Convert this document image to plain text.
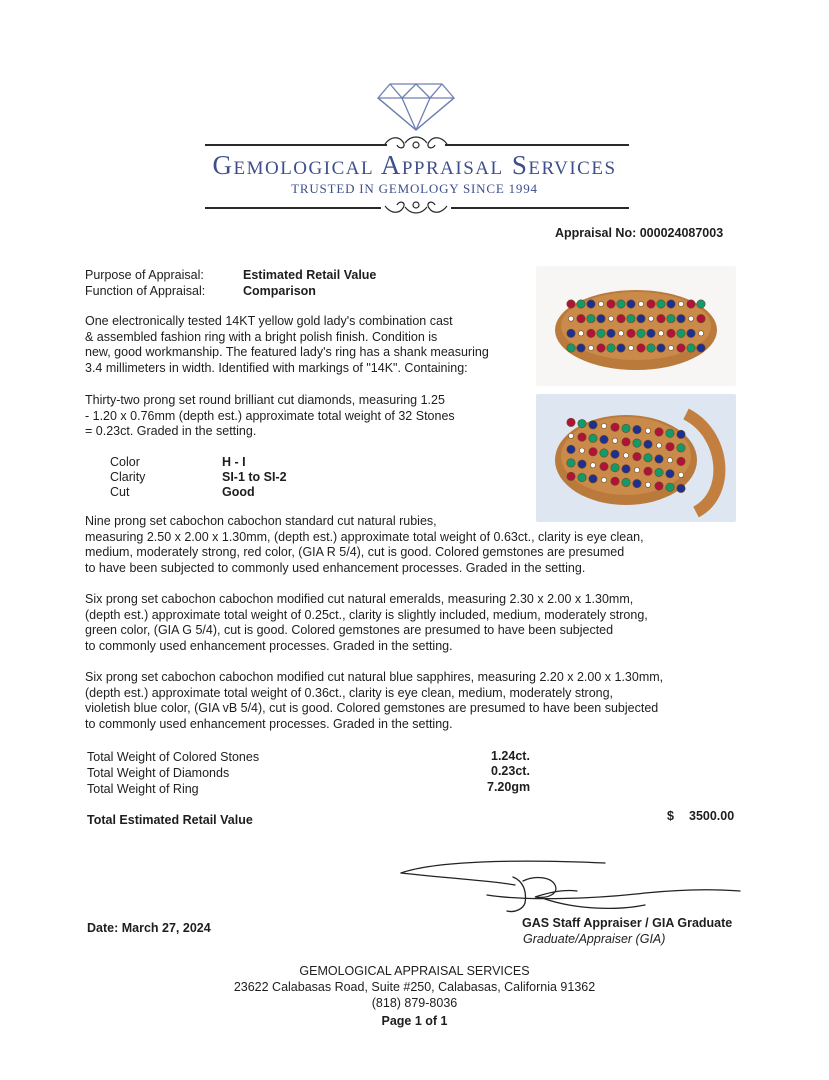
Gemological Appraisal Services
TRUSTED IN GEMOLOGY SINCE 1994
Appraisal No: 000024087003
Purpose of Appraisal:	Estimated Retail Value
Function of Appraisal:	Comparison
One electronically tested 14KT yellow gold lady's combination cast
& assembled fashion ring with a bright polish finish. Condition is
new, good workmanship. The featured lady's ring has a shank measuring
3.4 millimeters in width. Identified with markings of "14K". Containing:
Thirty-two prong set round brilliant cut diamonds, measuring 1.25
- 1.20 x 0.76mm (depth est.) approximate total weight of 32 Stones
= 0.23ct. Graded in the setting.
Color	H - I
Clarity	SI-1 to SI-2
Cut	Good
Nine prong set cabochon cabochon standard cut natural rubies,
measuring 2.50 x 2.00 x 1.30mm, (depth est.) approximate total weight of 0.63ct., clarity is eye clean,
medium, moderately strong, red color, (GIA R 5/4), cut is good. Colored gemstones are presumed
to have been subjected to commonly used enhancement processes. Graded in the setting.
Six prong set cabochon cabochon modified cut natural emeralds, measuring 2.30 x 2.00 x 1.30mm,
(depth est.) approximate total weight of 0.25ct., clarity is slightly included, medium, moderately strong,
green color, (GIA G 5/4), cut is good. Colored gemstones are presumed to have been subjected
to commonly used enhancement processes. Graded in the setting.
Six prong set cabochon cabochon modified cut natural blue sapphires, measuring 2.20 x 2.00 x 1.30mm,
(depth est.) approximate total weight of 0.36ct., clarity is eye clean, medium, moderately strong,
violetish blue color, (GIA vB 5/4), cut is good. Colored gemstones are presumed to have been subjected
to commonly used enhancement processes. Graded in the setting.
Total Weight of Colored Stones	1.24ct.
Total Weight of Diamonds	0.23ct.
Total Weight of Ring	7.20gm
Total Estimated Retail Value	$ 3500.00
Date: March 27, 2024	GAS Staff Appraiser / GIA Graduate
Graduate/Appraiser (GIA)
GEMOLOGICAL APPRAISAL SERVICES
23622 Calabasas Road, Suite #250, Calabasas, California 91362
(818) 879-8036
Page 1 of 1
